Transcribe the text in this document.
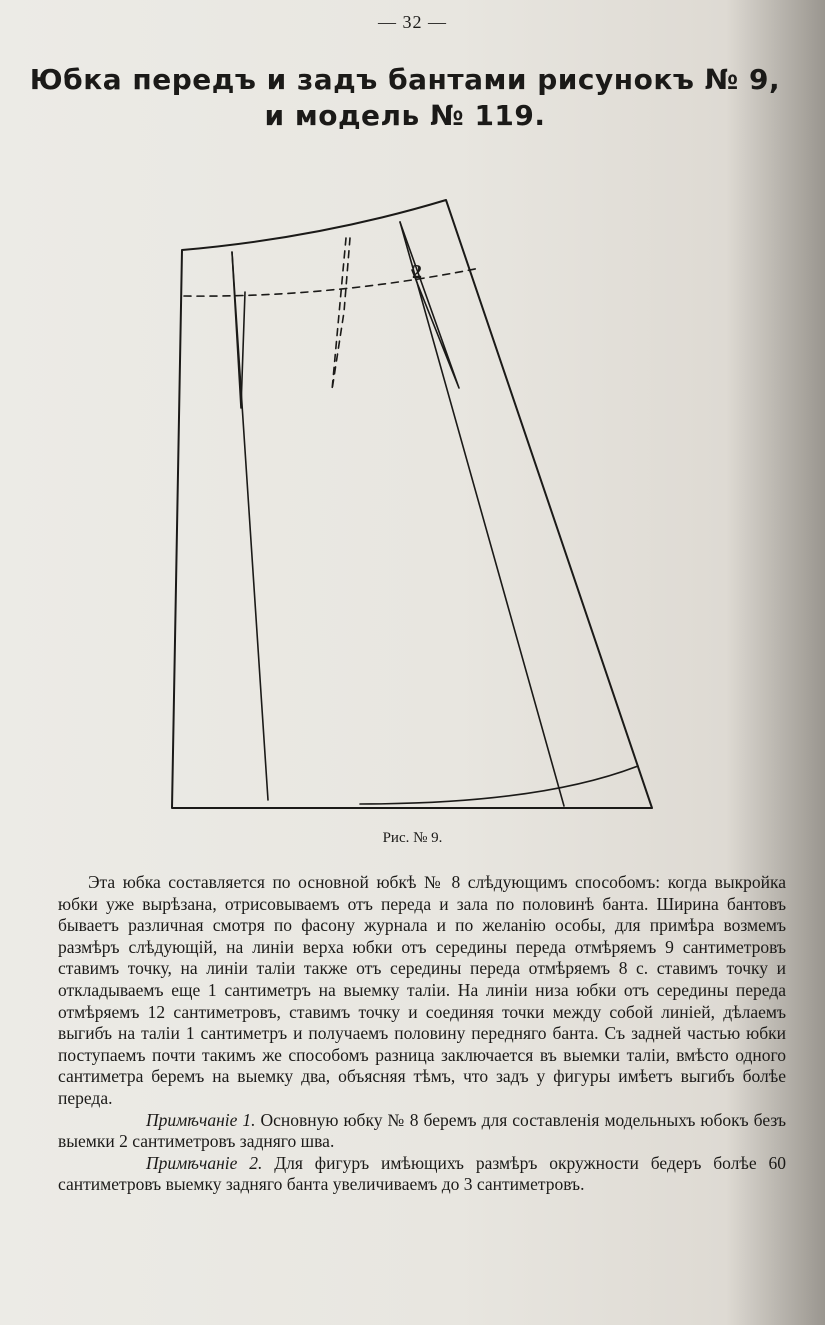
— 32 —
Юбка передъ и задъ бантами рисунокъ № 9, и модель № 119.
2
Рис. № 9.

Эта юбка составляется по основной юбкѣ № 8 слѣдующимъ способомъ: когда выкройка юбки уже вырѣзана, отрисовываемъ отъ переда и зала по половинѣ банта. Ширина бантовъ бываетъ различная смотря по фасону журнала и по желанію особы, для примѣра возмемъ размѣръ слѣдующій, на линіи верха юбки отъ середины переда отмѣряемъ 9 сантиметровъ ставимъ точку, на линіи таліи также отъ середины переда отмѣряемъ 8 с. ставимъ точку и откладываемъ еще 1 сантиметръ на выемку таліи. На линіи низа юбки отъ середины переда отмѣряемъ 12 сантиметровъ, ставимъ точку и соединяя точки между собой линіей, дѣлаемъ выгибъ на таліи 1 сантиметръ и получаемъ половину передняго банта. Съ задней частью юбки поступаемъ почти такимъ же способомъ разница заключается въ выемки таліи, вмѣсто одного сантиметра беремъ на выемку два, объясняя тѣмъ, что задъ у фигуры имѣетъ выгибъ болѣе переда.

Примѣчаніе 1. Основную юбку № 8 беремъ для составленія модельныхъ юбокъ безъ выемки 2 сантиметровъ задняго шва.

Примѣчаніе 2. Для фигуръ имѣющихъ размѣръ окружности бедеръ болѣе 60 сантиметровъ выемку задняго банта увеличиваемъ до 3 сантиметровъ.
